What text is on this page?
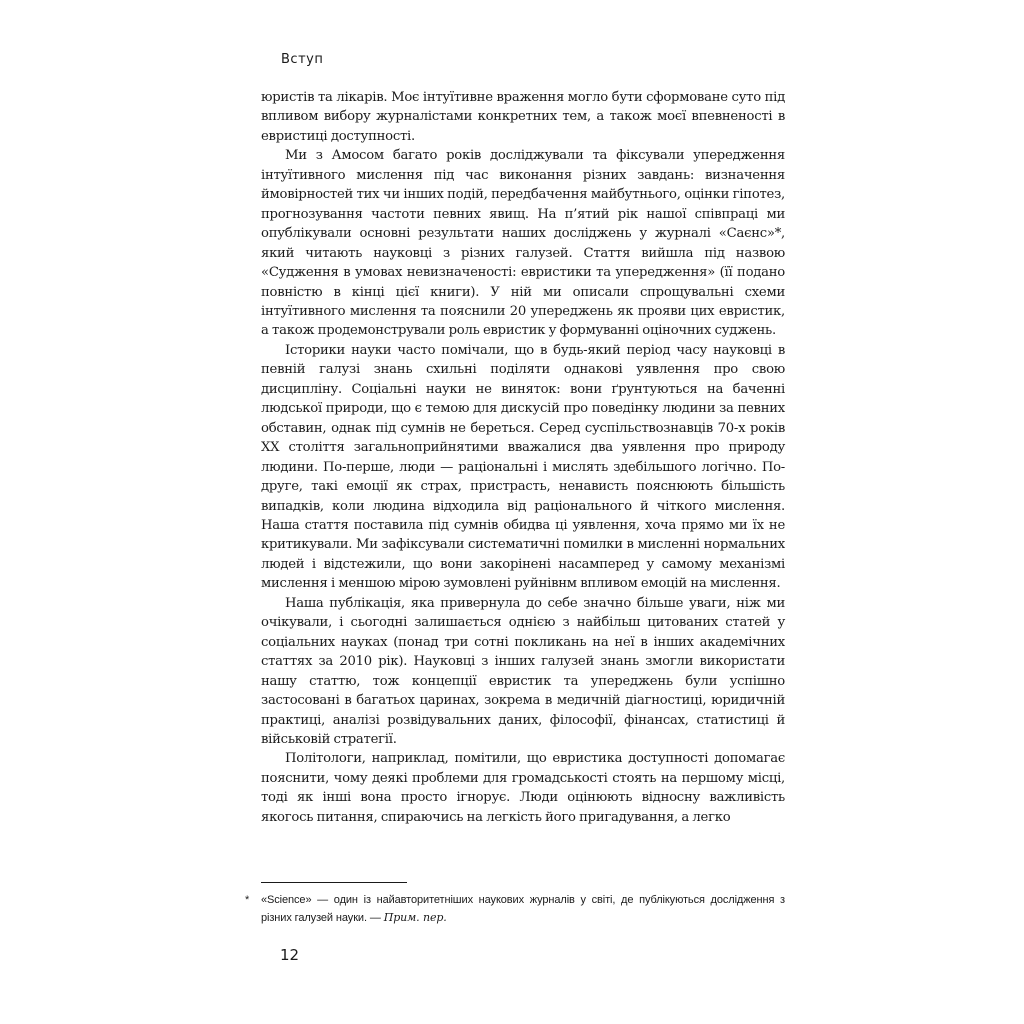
Вступ

юристів та лікарів. Моє інтуїтивне враження могло бути сформоване суто під впливом вибору журналістами конкретних тем, а також моєї впевненості в евристиці доступності.

Ми з Амосом багато років досліджували та фіксували упередження інтуїтивного мислення під час виконання різних завдань: визначення ймовірностей тих чи інших подій, передбачення майбутнього, оцінки гіпотез, прогнозування частоти певних явищ. На п’ятий рік нашої співпраці ми опублікували основні результати наших досліджень у журналі «Саєнс»*, який читають науковці з різних галузей. Стаття вийшла під назвою «Судження в умовах невизначеності: евристики та упередження» (її подано повністю в кінці цієї книги). У ній ми описали спрощувальні схеми інтуїтивного мислення та пояснили 20 упереджень як прояви цих евристик, а також продемонстрували роль евристик у формуванні оціночних суджень.

Історики науки часто помічали, що в будь-який період часу науковці в певній галузі знань схильні поділяти однакові уявлення про свою дисципліну. Соціальні науки не виняток: вони ґрунтуються на баченні людської природи, що є темою для дискусій про поведінку людини за певних обставин, однак під сумнів не береться. Серед суспільствознавців 70-х років XX століття загальноприйнятими вважалися два уявлення про природу людини. По-перше, люди — раціональні і мислять здебільшого логічно. По-друге, такі емоції як страх, пристрасть, ненависть пояснюють більшість випадків, коли людина відходила від раціонального й чіткого мислення. Наша стаття поставила під сумнів обидва ці уявлення, хоча прямо ми їх не критикували. Ми зафіксували систематичні помилки в мисленні нормальних людей і відстежили, що вони закорінені насамперед у самому механізмі мислення і меншою мірою зумовлені руйнівнм впливом емоцій на мислення.

Наша публікація, яка привернула до себе значно більше уваги, ніж ми очікували, і сьогодні залишається однією з найбільш цитованих статей у соціальних науках (понад три сотні покликань на неї в інших академічних статтях за 2010 рік). Науковці з інших галузей знань змогли використати нашу статтю, тож концепції евристик та упереджень були успішно застосовані в багатьох царинах, зокрема в медичній діагностиці, юридичній практиці, аналізі розвідувальних даних, філософії, фінансах, статистиці й військовій стратегії.

Політологи, наприклад, помітили, що евристика доступності допомагає пояснити, чому деякі проблеми для громадськості стоять на першому місці, тоді як інші вона просто ігнорує. Люди оцінюють відносну важливість якогось питання, спираючись на легкість його пригадування, а легко

* «Science» — один із найавторитетніших наукових журналів у світі, де публікуються дослідження з різних галузей науки. — Прим. пер.
12
